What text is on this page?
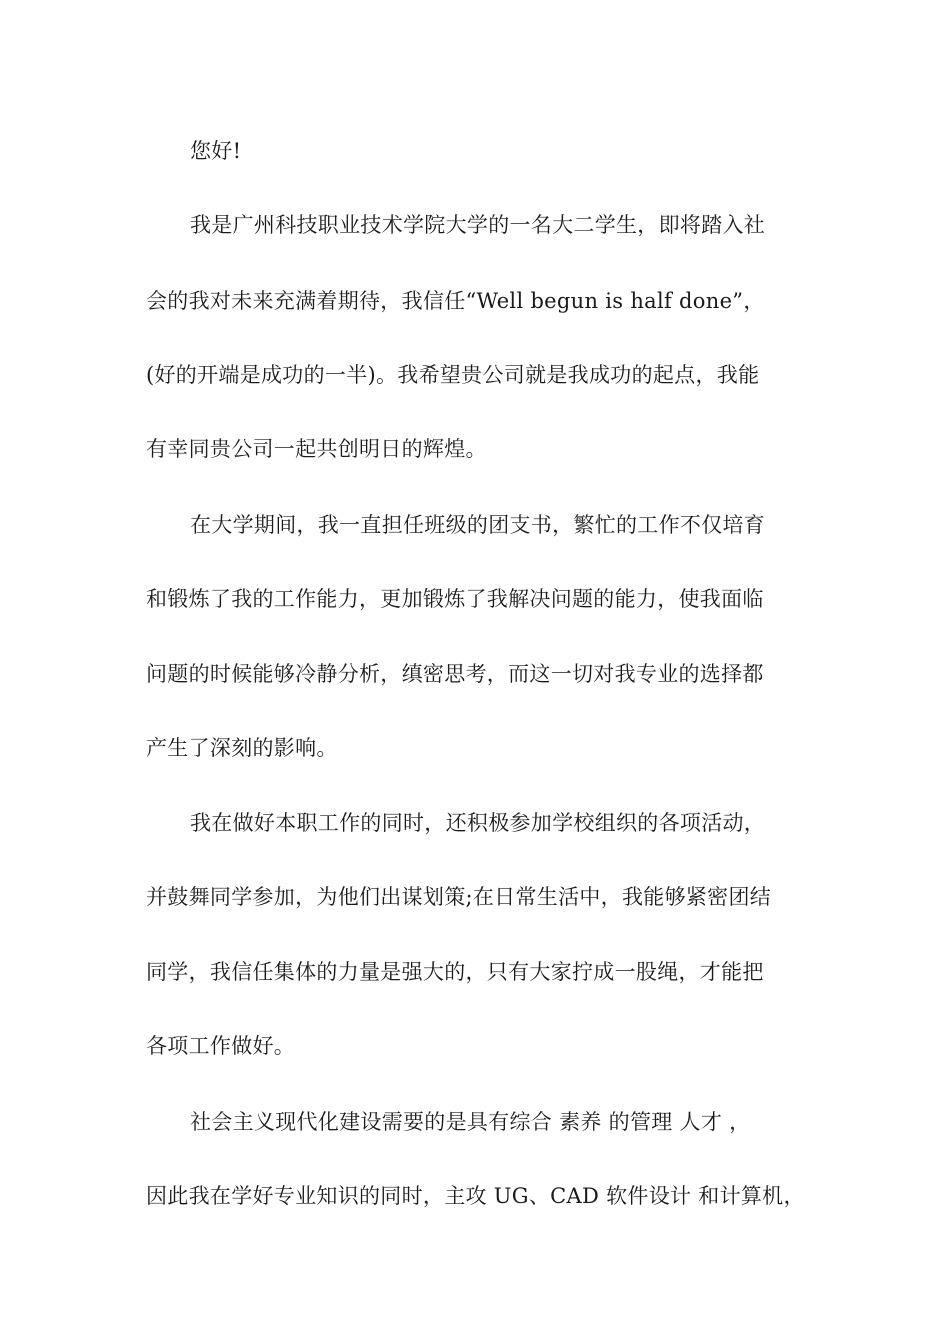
您好!
我是广州科技职业技术学院大学的一名大二学生，即将踏入社
会的我对未来充满着期待，我信任“Well begun is half done”，
(好的开端是成功的一半)。我希望贵公司就是我成功的起点，我能
有幸同贵公司一起共创明日的辉煌。
在大学期间，我一直担任班级的团支书，繁忙的工作不仅培育
和锻炼了我的工作能力，更加锻炼了我解决问题的能力，使我面临
问题的时候能够冷静分析，缜密思考，而这一切对我专业的选择都
产生了深刻的影响。
我在做好本职工作的同时，还积极参加学校组织的各项活动，
并鼓舞同学参加，为他们出谋划策;在日常生活中，我能够紧密团结
同学，我信任集体的力量是强大的，只有大家拧成一股绳，才能把
各项工作做好。
社会主义现代化建设需要的是具有综合 素养 的管理 人才 ，
因此我在学好专业知识的同时，主攻 UG、CAD 软件设计 和计算机，
